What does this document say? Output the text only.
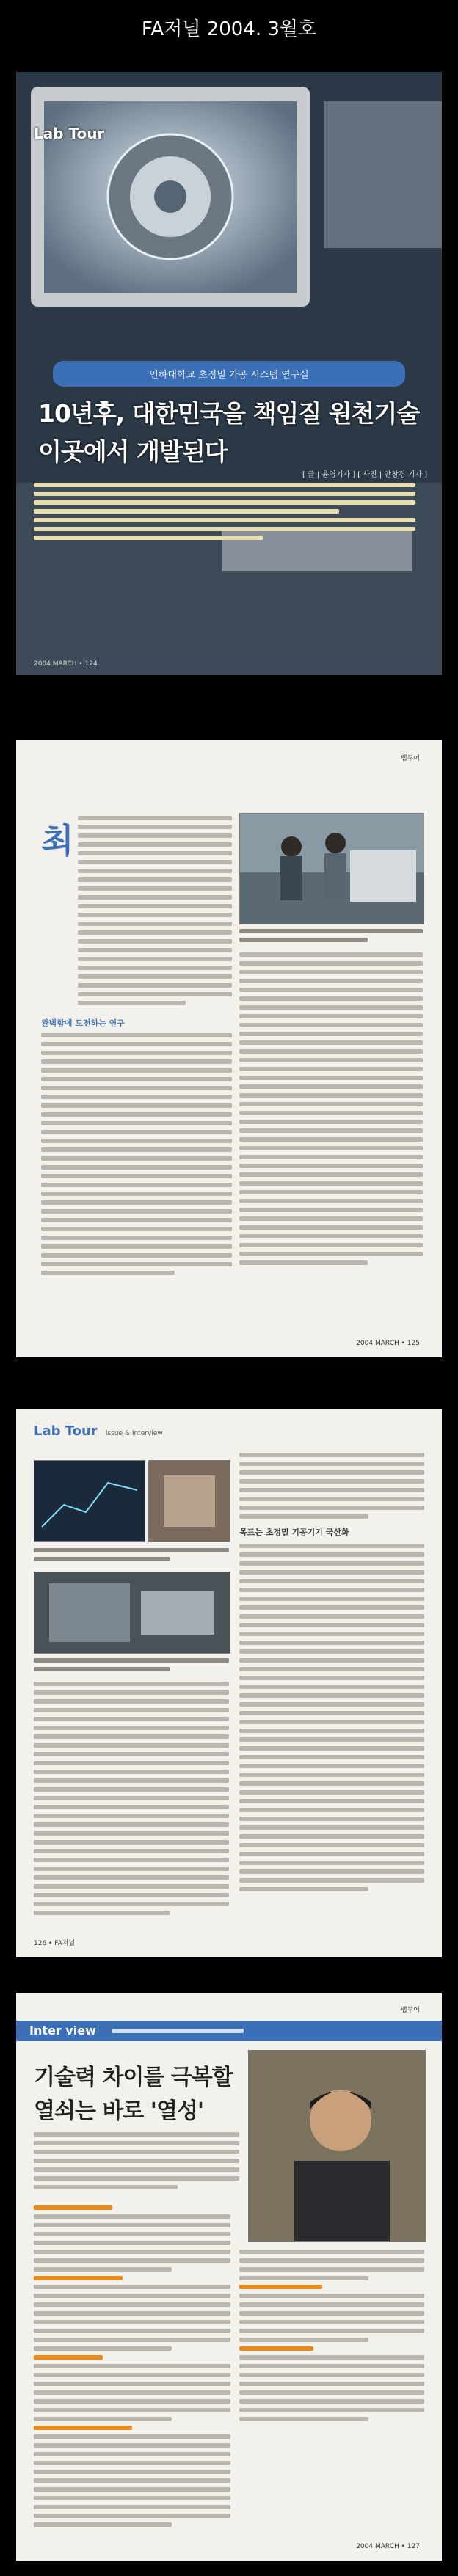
FA저널 2004. 3월호
Lab Tour
인하대학교 초정밀 가공 시스템 연구실
10년후, 대한민국을 책임질 원천기술
이곳에서 개발된다
[ 글 | 윤영기자 ] [ 사진 | 안창경 기자 ]
2004 MARCH • 124
랩투어
최
완벽함에 도전하는 연구
2004 MARCH • 125
Lab Tour Issue & Interview
목표는 초정밀 기공기기 국산화
126 • FA저널
랩투어
Inter view
기술력 차이를 극복할
열쇠는 바로 '열성'
2004 MARCH • 127
